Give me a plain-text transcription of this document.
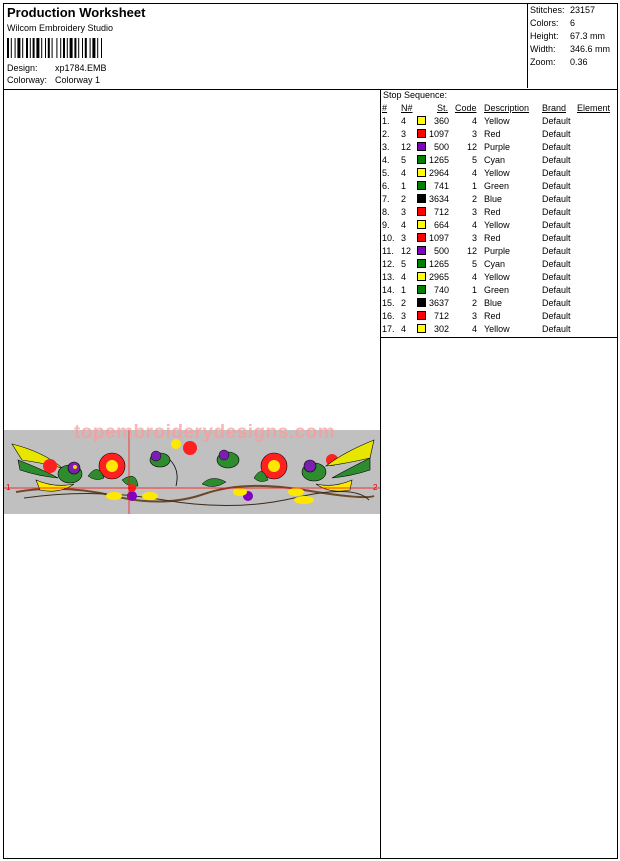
Production Worksheet
Wilcom Embroidery Studio
Design: xp1784.EMB
Colorway: Colorway 1
Stitches: 23157
Colors: 6
Height: 67.3 mm
Width: 346.6 mm
Zoom: 0.36
topembroiderydesigns.com
1	2
Stop Sequence:
# N#	St. Code Description Brand Element
1. 4	360	4 Yellow	Default
2. 3	1097	3 Red	Default
3. 12	500 12 Purple	Default
4. 5	1265	5 Cyan	Default
5. 4	2964	4 Yellow	Default
6. 1	741	1 Green	Default
7. 2	3634	2 Blue	Default
8. 3	712	3 Red	Default
9. 4	664	4 Yellow	Default
10. 3	1097	3 Red	Default
11. 12	500 12 Purple	Default
12. 5	1265	5 Cyan	Default
13. 4	2965	4 Yellow	Default
14. 1	740	1 Green	Default
15. 2	3637	2 Blue	Default
16. 3	712	3 Red	Default
17. 4	302	4 Yellow	Default
